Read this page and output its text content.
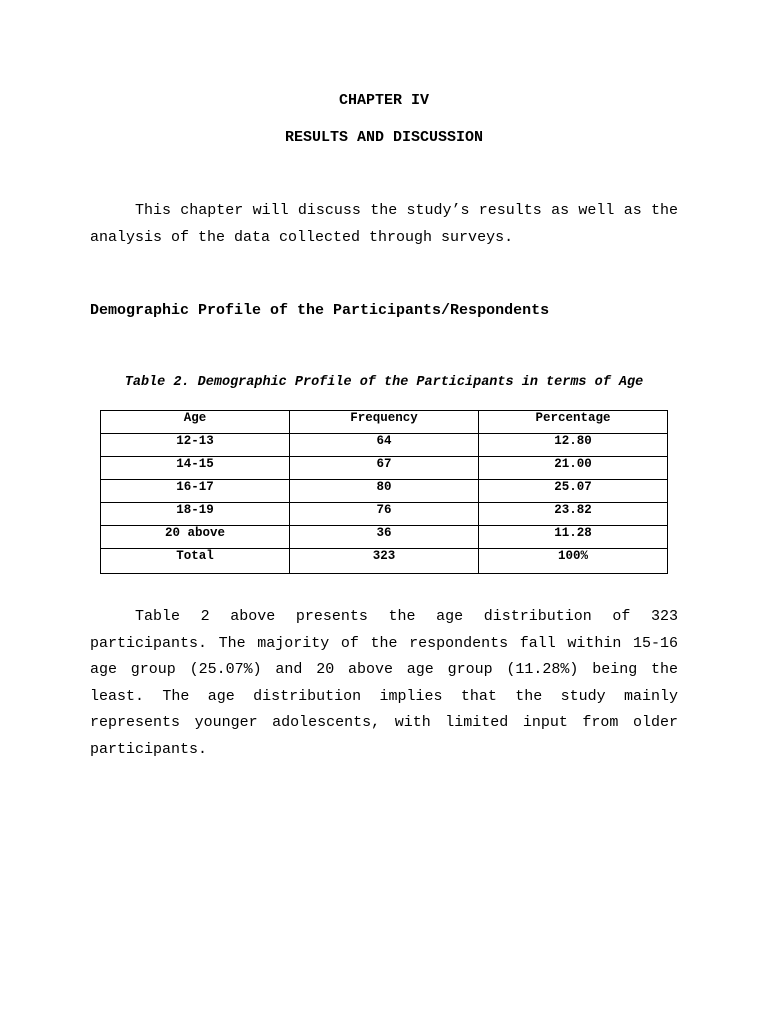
CHAPTER IV

RESULTS AND DISCUSSION

This chapter will discuss the study’s results as well as the analysis of the data collected through surveys.

Demographic Profile of the Participants/Respondents

Table 2. Demographic Profile of the Participants in terms of Age

Age	Frequency	Percentage
12-13	64	12.80
14-15	67	21.00
16-17	80	25.07
18-19	76	23.82
20 above	36	11.28
Total	323	100%

Table 2 above presents the age distribution of 323 participants. The majority of the respondents fall within 15-16 age group (25.07%) and 20 above age group (11.28%) being the least. The age distribution implies that the study mainly represents younger adolescents, with limited input from older participants.
